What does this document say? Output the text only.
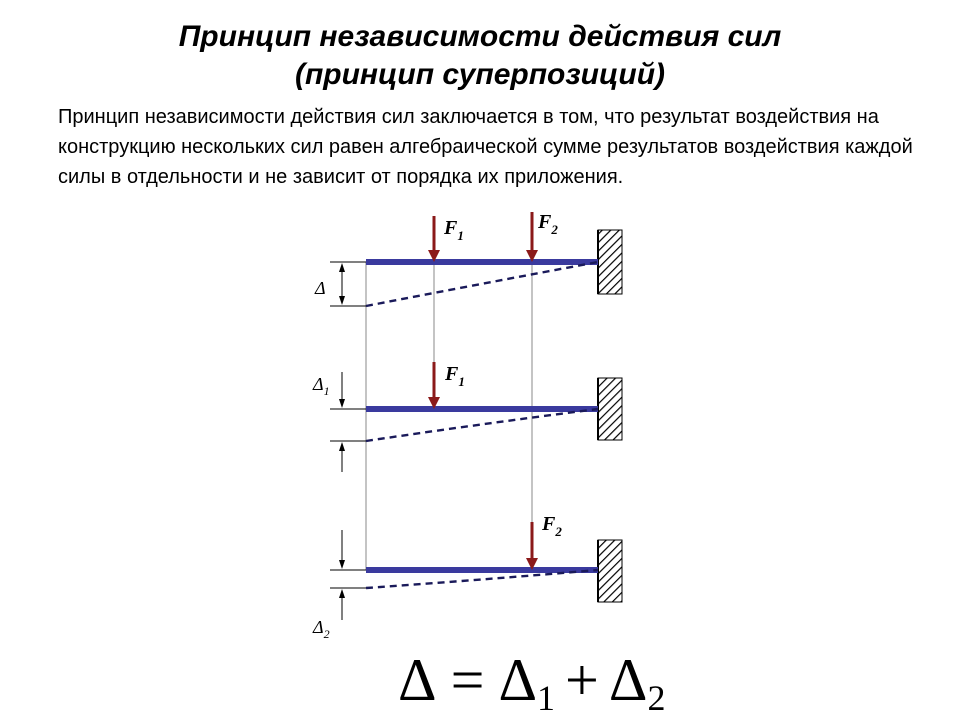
Принцип независимости действия сил
(принцип суперпозиций)
Принцип независимости действия сил заключается в том, что результат воздействия на конструкцию нескольких сил равен алгебраической сумме результатов воздействия каждой силы в отдельности и не зависит от порядка их приложения.
$F_1$
$F_2$
Δ
$F_1$
$\Delta_1$
$F_2$
$\Delta_2$
Δ = Δ1 + Δ2
